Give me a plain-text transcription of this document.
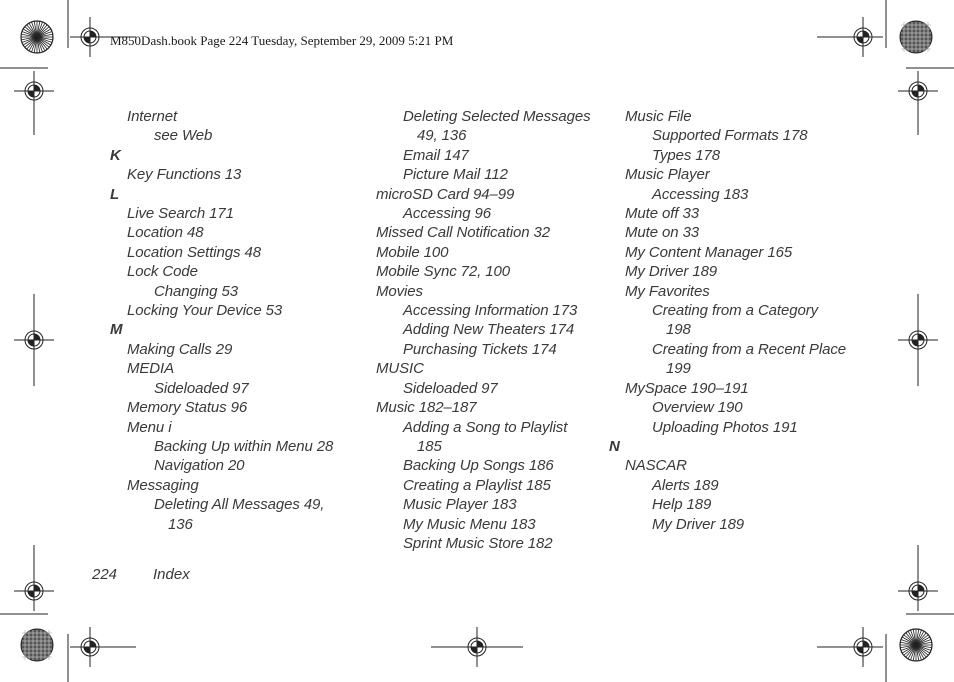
M850Dash.book Page 224 Tuesday, September 29, 2009 5:21 PM
Internet
see Web
K
Key Functions 13
L
Live Search 171
Location 48
Location Settings 48
Lock Code
Changing 53
Locking Your Device 53
M
Making Calls 29
MEDIA
Sideloaded 97
Memory Status 96
Menu i
Backing Up within Menu 28
Navigation 20
Messaging
Deleting All Messages 49,
136
Deleting Selected Messages
49, 136
Email 147
Picture Mail 112
microSD Card 94–99
Accessing 96
Missed Call Notification 32
Mobile 100
Mobile Sync 72, 100
Movies
Accessing Information 173
Adding New Theaters 174
Purchasing Tickets 174
MUSIC
Sideloaded 97
Music 182–187
Adding a Song to Playlist
185
Backing Up Songs 186
Creating a Playlist 185
Music Player 183
My Music Menu 183
Sprint Music Store 182
Music File
Supported Formats 178
Types 178
Music Player
Accessing 183
Mute off 33
Mute on 33
My Content Manager 165
My Driver 189
My Favorites
Creating from a Category
198
Creating from a Recent Place
199
MySpace 190–191
Overview 190
Uploading Photos 191
N
NASCAR
Alerts 189
Help 189
My Driver 189
224 Index
